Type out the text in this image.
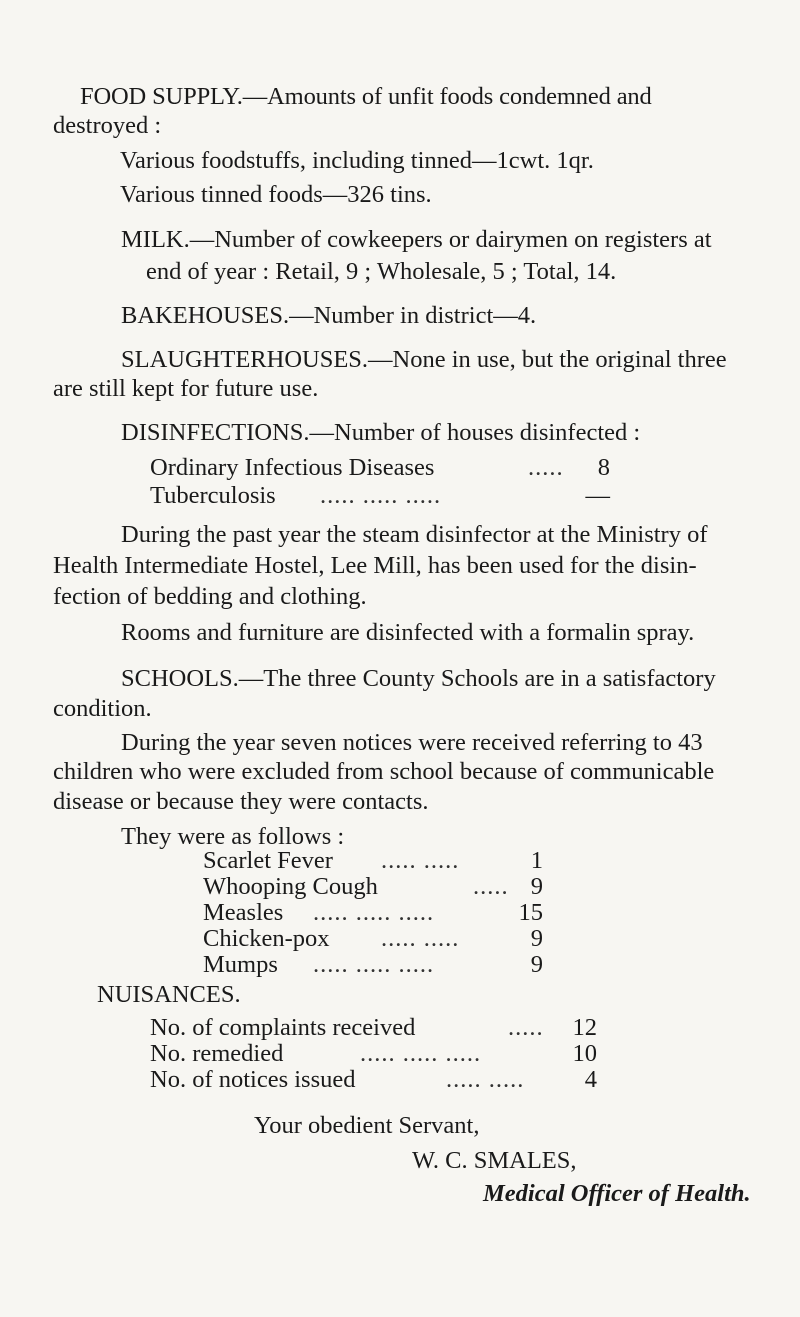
FOOD SUPPLY.—Amounts of unfit foods condemned and
destroyed :
Various foodstuffs, including tinned—1cwt. 1qr.
Various tinned foods—326 tins.
MILK.—Number of cowkeepers or dairymen on registers at
end of year : Retail, 9 ; Wholesale, 5 ; Total, 14.
BAKEHOUSES.—Number in district—4.
SLAUGHTERHOUSES.—None in use, but the original three
are still kept for future use.
DISINFECTIONS.—Number of houses disinfected :
Ordinary Infectious Diseases	..... 8
Tuberculosis ..... ..... .....	—
During the past year the steam disinfector at the Ministry of
Health Intermediate Hostel, Lee Mill, has been used for the disin-
fection of bedding and clothing.
Rooms and furniture are disinfected with a formalin spray.
SCHOOLS.—The three County Schools are in a satisfactory
condition.
During the year seven notices were received referring to 43
children who were excluded from school because of communicable
disease or because they were contacts.
They were as follows :
Scarlet Fever ..... .....	1
Whooping Cough	..... 9
Measles ..... ..... .....	15
Chicken-pox ..... .....	9
Mumps ..... ..... .....	9
NUISANCES.
No. of complaints received	..... 12
No. remedied	..... ..... .....	10
No. of notices issued	..... ..... 4
Your obedient Servant,
W. C. SMALES,
Medical Officer of Health.
